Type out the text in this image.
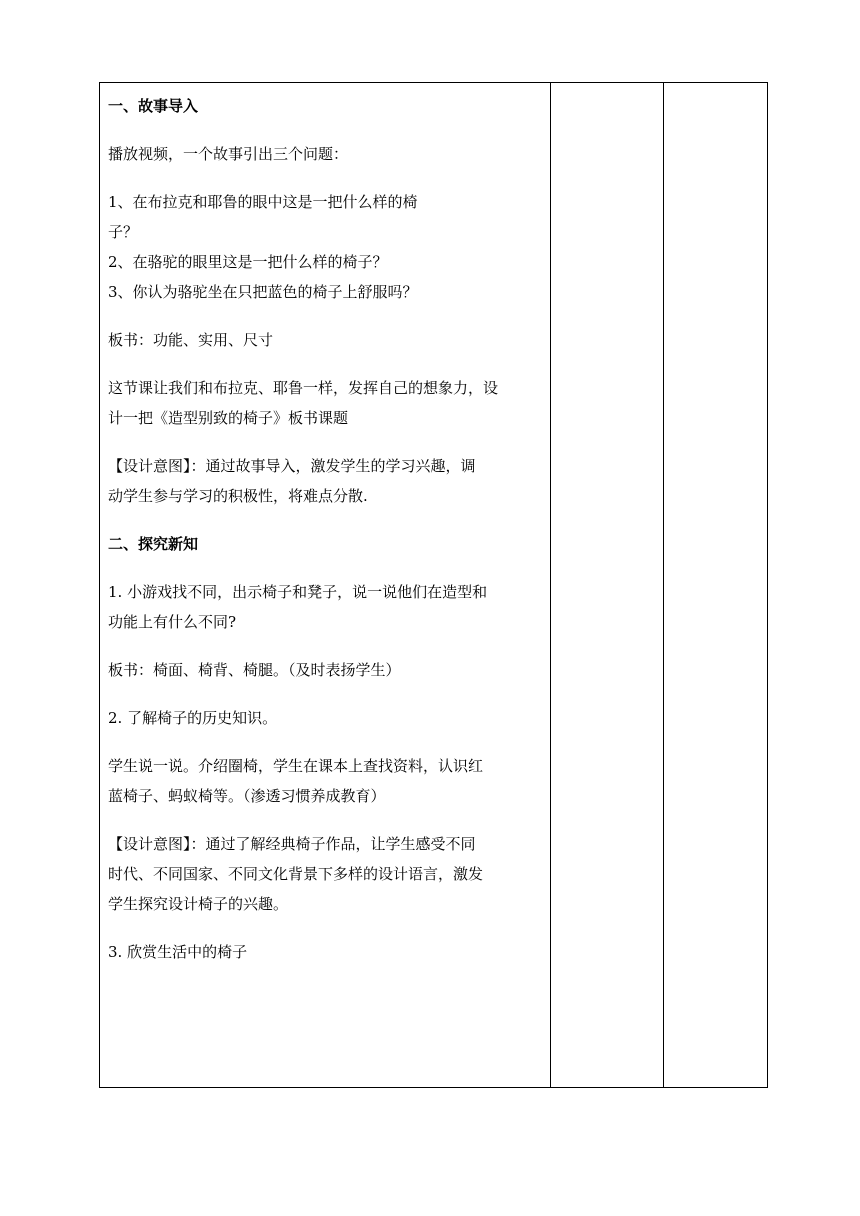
一、故事导入

播放视频，一个故事引出三个问题：

1、在布拉克和耶鲁的眼中这是一把什么样的椅
子？

2、在骆驼的眼里这是一把什么样的椅子？

3、你认为骆驼坐在只把蓝色的椅子上舒服吗？

板书：功能、实用、尺寸

这节课让我们和布拉克、耶鲁一样，发挥自己的想象力，设
计一把《造型别致的椅子》板书课题

【设计意图】：通过故事导入，激发学生的学习兴趣，调
动学生参与学习的积极性，将难点分散.

二、探究新知

1. 小游戏找不同，出示椅子和凳子，说一说他们在造型和
功能上有什么不同?

板书：椅面、椅背、椅腿。（及时表扬学生）

2. 了解椅子的历史知识。

学生说一说。介绍圈椅，学生在课本上查找资料，认识红
蓝椅子、蚂蚁椅等。（渗透习惯养成教育）

【设计意图】：通过了解经典椅子作品，让学生感受不同
时代、不同国家、不同文化背景下多样的设计语言，激发
学生探究设计椅子的兴趣。

3. 欣赏生活中的椅子
